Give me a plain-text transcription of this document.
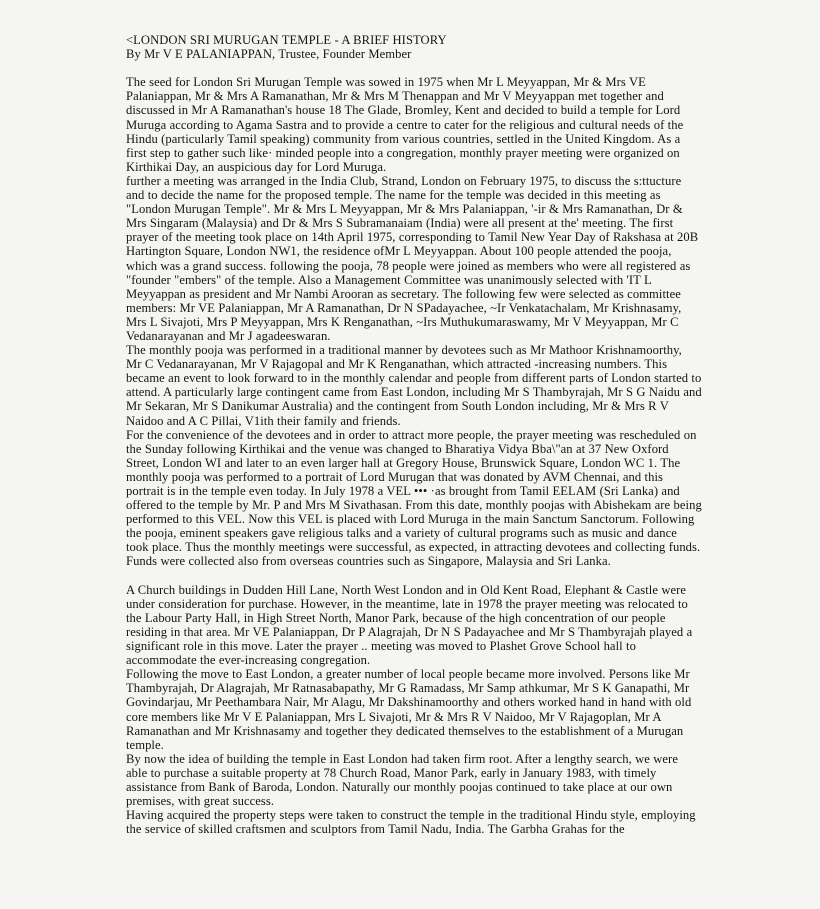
<LONDON SRI MURUGAN TEMPLE - A BRIEF HISTORY
By Mr V E PALANIAPPAN, Trustee, Founder Member

The seed for London Sri Murugan Temple was sowed in 1975 when Mr L Meyyappan, Mr & Mrs VE Palaniappan, Mr & Mrs A Ramanathan, Mr & Mrs M Thenappan and Mr V Meyyappan met together and discussed in Mr A Ramanathan's house 18 The Glade, Bromley, Kent and decided to build a temple for Lord Muruga according to Agama Sastra and to provide a centre to cater for the religious and cultural needs of the Hindu (particularly Tamil speaking) community from various countries, settled in the United Kingdom. As a first step to gather such like· minded people into a congregation, monthly prayer meeting were organized on Kirthikai Day, an auspicious day for Lord Muruga.

further a meeting was arranged in the India Club, Strand, London on February 1975, to discuss the s:ttucture and to decide the name for the proposed temple. The name for the temple was decided in this meeting as "London Murugan Temple". Mr & Mrs L Meyyappan, Mr & Mrs Palaniappan, '-ir & Mrs Ramanathan, Dr & Mrs Singaram (Malaysia) and Dr & Mrs S Subramanaiam (India) were all present at the' meeting. The first prayer of the meeting took place on 14th April 1975, corresponding to Tamil New Year Day of Rakshasa at 20B Hartington Square, London NW1, the residence ofMr L Meyyappan. About 100 people attended the pooja, which was a grand success. following the pooja, 78 people were joined as members who were all registered as "founder "embers" of the temple. Also a Management Committee was unanimously selected with 'IT L Meyyappan as president and Mr Nambi Arooran as secretary. The following few were selected as committee members: Mr VE Palaniappan, Mr A Ramanathan, Dr N SPadayachee, ~Ir Venkatachalam, Mr Krishnasamy, Mrs L Sivajoti, Mrs P Meyyappan, Mrs K Renganathan, ~Irs Muthukumaraswamy, Mr V Meyyappan, Mr C Vedanarayanan and Mr J agadeeswaran.

The monthly pooja was performed in a traditional manner by devotees such as Mr Mathoor Krishnamoorthy,

Mr C Vedanarayanan, Mr V Rajagopal and Mr K Renganathan, which attracted -increasing numbers. This became an event to look forward to in the monthly calendar and people from different parts of London started to attend. A particularly large contingent came from East London, including Mr S Thambyrajah, Mr S G Naidu and Mr Sekaran, Mr S Danikumar Australia) and the contingent from South London including, Mr & Mrs R V Naidoo and A C Pillai, V1ith their family and friends.

For the convenience of the devotees and in order to attract more people, the prayer meeting was rescheduled on the Sunday following Kirthikai and the venue was changed to Bharatiya Vidya Bba\"an at 37 New Oxford Street, London WI and later to an even larger hall at Gregory House, Brunswick Square, London WC 1. The monthly pooja was performed to a portrait of Lord Murugan that was donated by AVM Chennai, and this portrait is in the temple even today. In July 1978 a VEL ••• ·as brought from Tamil EELAM (Sri Lanka) and offered to the temple by Mr. P and Mrs M Sivathasan. From this date, monthly poojas with Abishekam are being performed to this VEL. Now this VEL is placed with Lord Muruga in the main Sanctum Sanctorum. Following the pooja, eminent speakers gave religious talks and a variety of cultural programs such as music and dance took place. Thus the monthly meetings were successful, as expected, in attracting devotees and collecting funds. Funds were collected also from overseas countries such as Singapore, Malaysia and Sri Lanka.

A Church buildings in Dudden Hill Lane, North West London and in Old Kent Road, Elephant & Castle were under consideration for purchase. However, in the meantime, late in 1978 the prayer meeting was relocated to the Labour Party Hall, in High Street North, Manor Park, because of the high concentration of our people residing in that area. Mr VE Palaniappan, Dr P Alagrajah, Dr N S Padayachee and Mr S Thambyrajah played a significant role in this move. Later the prayer .. meeting was moved to Plashet Grove School hall to accommodate the ever-increasing congregation.

Following the move to East London, a greater number of local people became more involved. Persons like Mr Thambyrajah, Dr Alagrajah, Mr Ratnasabapathy, Mr G Ramadass, Mr Samp athkumar, Mr S K Ganapathi, Mr Govindarjau, Mr Peethambara Nair, Mr Alagu, Mr Dakshinamoorthy and others worked hand in hand with old core members like Mr V E Palaniappan, Mrs L Sivajoti, Mr & Mrs R V Naidoo, Mr V Rajagoplan, Mr A Ramanathan and Mr Krishnasamy and together they dedicated themselves to the establishment of a Murugan temple.

By now the idea of building the temple in East London had taken firm root. After a lengthy search, we were able to purchase a suitable property at 78 Church Road, Manor Park, early in January 1983, with timely assistance from Bank of Baroda, London. Naturally our monthly poojas continued to take place at our own premises, with great success.

Having acquired the property steps were taken to construct the temple in the traditional Hindu style, employing the service of skilled craftsmen and sculptors from Tamil Nadu, India. The Garbha Grahas for the
